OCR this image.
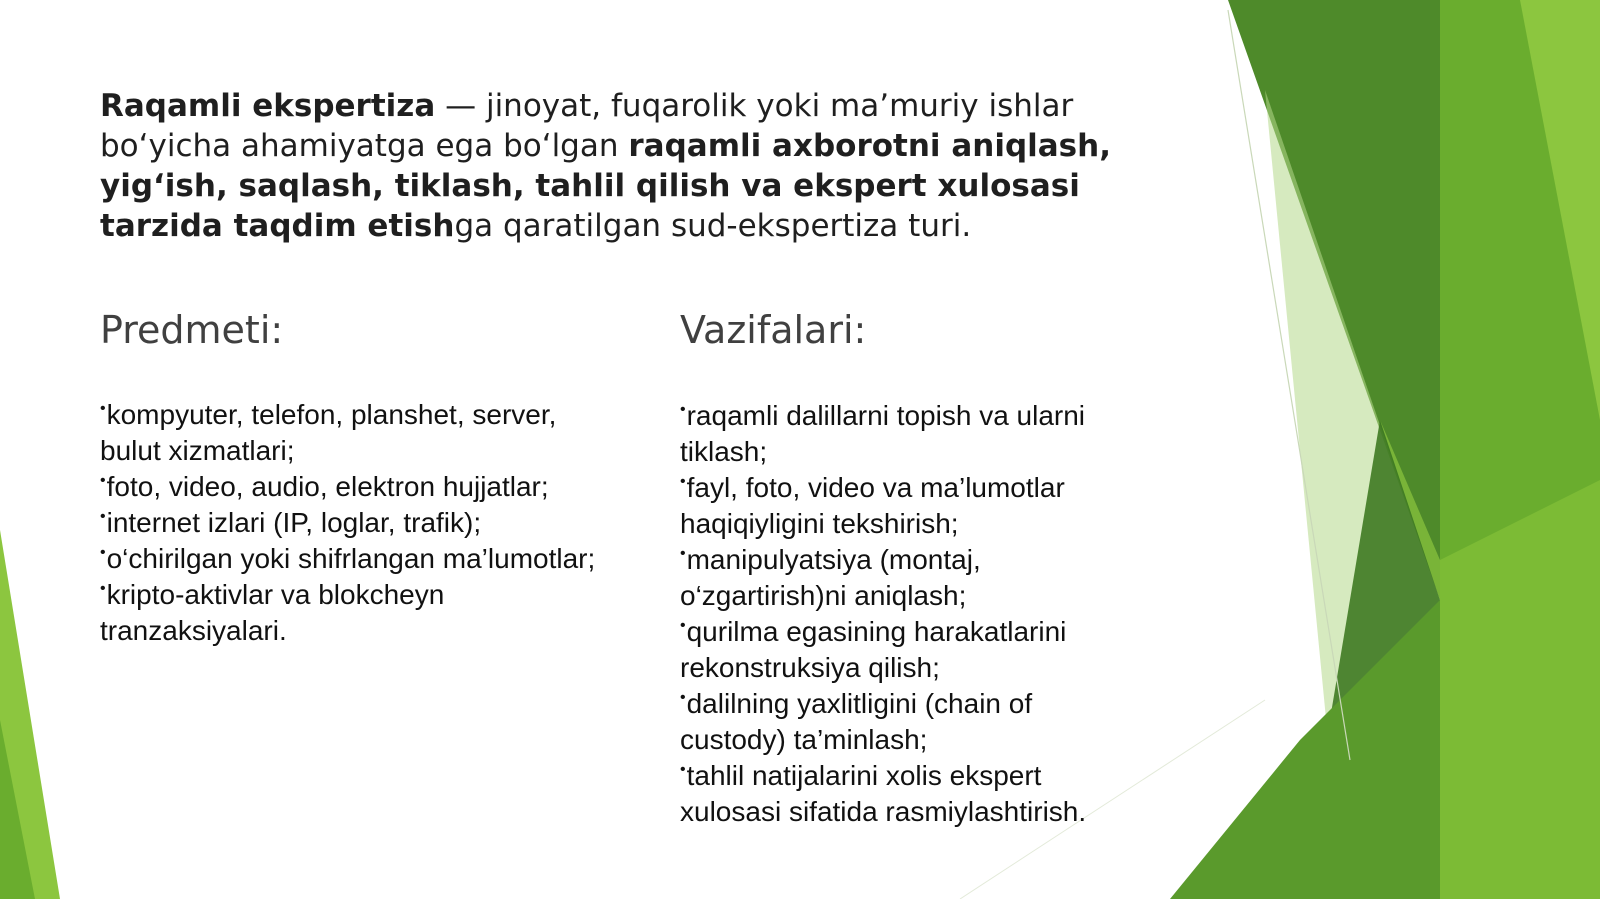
Raqamli ekspertiza — jinoyat, fuqarolik yoki ma’muriy ishlar bo‘yicha ahamiyatga ega bo‘lgan raqamli axborotni aniqlash, yig‘ish, saqlash, tiklash, tahlil qilish va ekspert xulosasi tarzida taqdim etishga qaratilgan sud-ekspertiza turi.

Predmeti:	Vazifalari:
•kompyuter, telefon, planshet, server, bulut xizmatlari;
•foto, video, audio, elektron hujjatlar;
•internet izlari (IP, loglar, trafik);
•o‘chirilgan yoki shifrlangan ma’lumotlar;
•kripto-aktivlar va blokcheyn tranzaksiyalari.
•raqamli dalillarni topish va ularni tiklash;
•fayl, foto, video va ma’lumotlar haqiqiyligini tekshirish;
•manipulyatsiya (montaj, o‘zgartirish)ni aniqlash;
•qurilma egasining harakatlarini rekonstruksiya qilish;
•dalilning yaxlitligini (chain of custody) ta’minlash;
•tahlil natijalarini xolis ekspert xulosasi sifatida rasmiylashtirish.
